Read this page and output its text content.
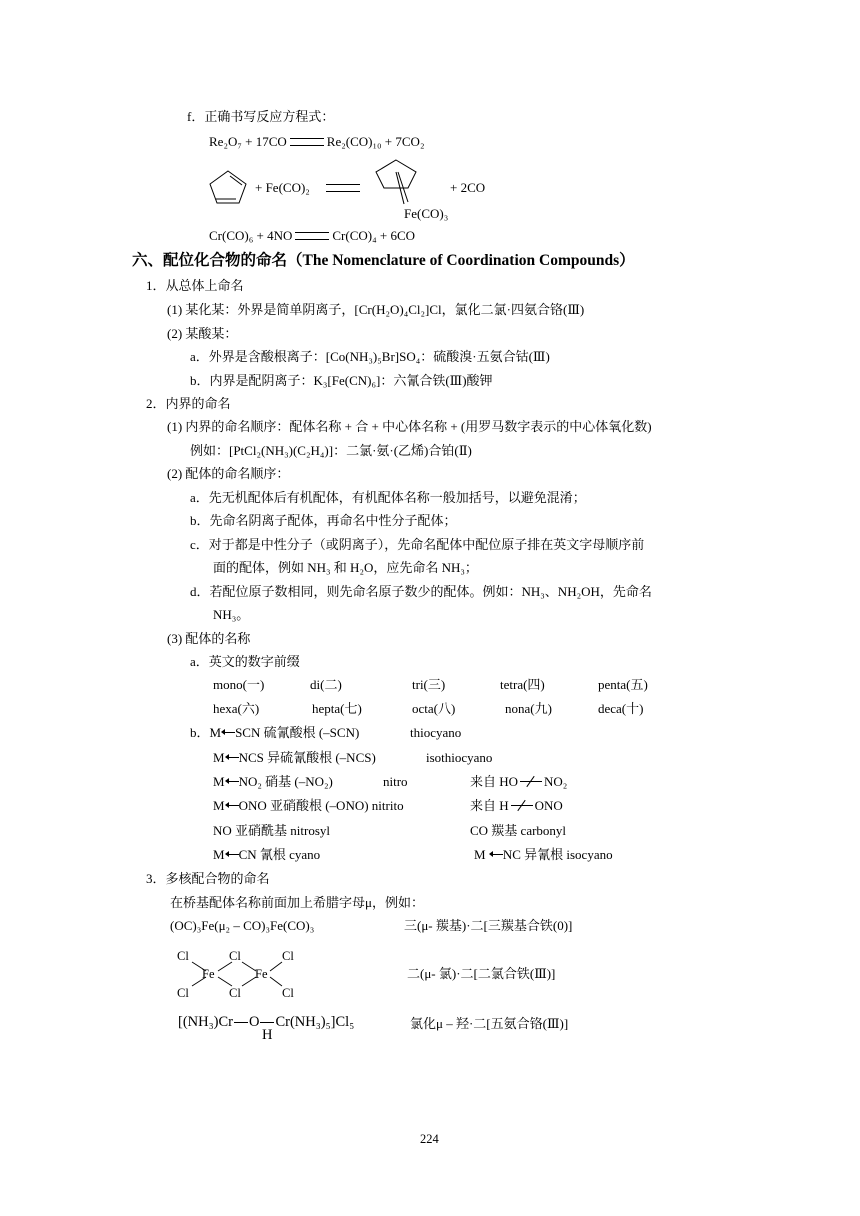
f．正确书写反应方程式：
Re₂O₇ + 17CO	Re₂(CO)₁₀ + 7CO₂
+ Fe(CO)₂	+ 2CO
Fe(CO)₃
Cr(CO)₆ + 4NO	Cr(CO)₄ + 6CO
六、配位化合物的命名（The Nomenclature of Coordination Compounds）
1．从总体上命名
(1) 某化某：外界是简单阴离子，[Cr(H₂O)₄Cl₂]Cl，氯化二氯·四氨合铬(Ⅲ)
(2) 某酸某：
a．外界是含酸根离子：[Co(NH₃)₅Br]SO₄：硫酸溴·五氨合钴(Ⅲ)
b．内界是配阴离子：K₃[Fe(CN)₆]：六氰合铁(Ⅲ)酸钾
2．内界的命名
(1) 内界的命名顺序：配体名称 + 合 + 中心体名称 + (用罗马数字表示的中心体氧化数)
例如：[PtCl₂(NH₃)(C₂H₄)]：二氯·氨·(乙烯)合铂(Ⅱ)
(2) 配体的命名顺序：
a．先无机配体后有机配体，有机配体名称一般加括号，以避免混淆；
b．先命名阴离子配体，再命名中性分子配体；
c．对于都是中性分子（或阴离子），先命名配体中配位原子排在英文字母顺序前
面的配体，例如 NH₃ 和 H₂O，应先命名 NH₃；
d．若配位原子数相同，则先命名原子数少的配体。例如：NH₃、NH₂OH，先命名
NH₃。
(3) 配体的名称
a．英文的数字前缀
mono(一)	di(二)	tri(三)	tetra(四)	penta(五)
hexa(六)	hepta(七)	octa(八)	nona(九)	deca(十)
b．M SCN 硫氰酸根 (–SCN)	thiocyano
M NCS 异硫氰酸根 (–NCS)	isothiocyano
M NO₂ 硝基 (–NO₂)	nitro	来自 HO NO₂
M ONO 亚硝酸根 (–ONO) nitrito	来自 H ONO
NO 亚硝酰基 nitrosyl	CO 羰基 carbonyl
M CN 氰根 cyano	M NC 异氰根 isocyano
3．多核配合物的命名
在桥基配体名称前面加上希腊字母μ，例如：
(OC)₃Fe(μ₂ – CO)₃Fe(CO)₃	三(μ- 羰基)·二[三羰基合铁(0)]
Cl	Cl	Cl
Fe	Fe
Cl	Cl	Cl
二(μ- 氯)·二[二氯合铁(Ⅲ)]
[(NH₃)Cr O Cr(NH₃)₅]Cl₅
H
氯化μ – 羟·二[五氨合铬(Ⅲ)]
224
